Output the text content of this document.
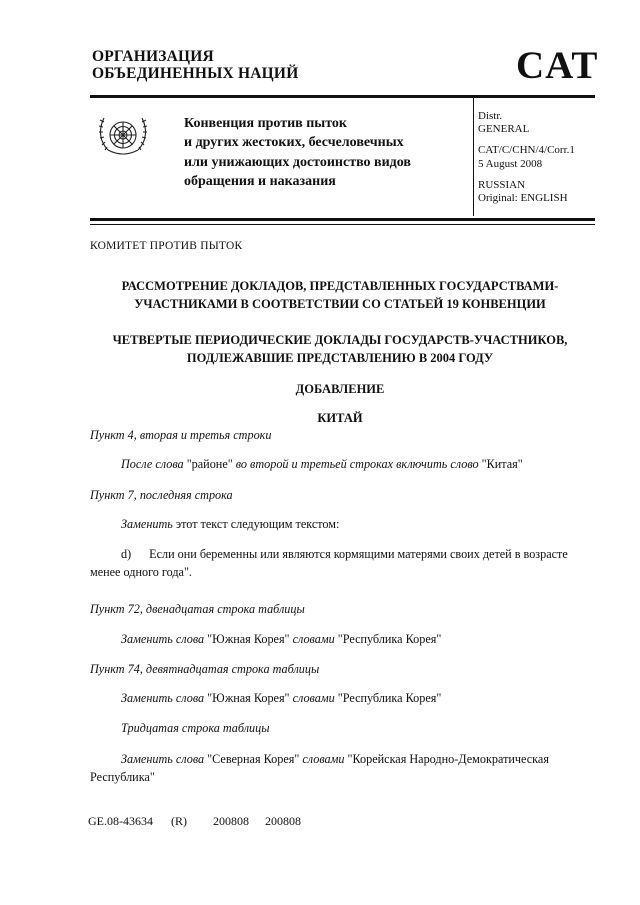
ОРГАНИЗАЦИЯ
ОБЪЕДИНЕННЫХ НАЦИЙ	CAT
Конвенция против пыток
и других жестоких, бесчеловечных
или унижающих достоинство видов
обращения и наказания
Distr.
GENERAL
CAT/C/CHN/4/Corr.1
5 August 2008
RUSSIAN
Original: ENGLISH
КОМИТЕТ ПРОТИВ ПЫТОК
РАССМОТРЕНИЕ ДОКЛАДОВ, ПРЕДСТАВЛЕННЫХ ГОСУДАРСТВАМИ-
УЧАСТНИКАМИ В СООТВЕТСТВИИ СО СТАТЬЕЙ 19 КОНВЕНЦИИ
ЧЕТВЕРТЫЕ ПЕРИОДИЧЕСКИЕ ДОКЛАДЫ ГОСУДАРСТВ-УЧАСТНИКОВ,
ПОДЛЕЖАВШИЕ ПРЕДСТАВЛЕНИЮ В 2004 ГОДУ
ДОБАВЛЕНИЕ
КИТАЙ
Пункт 4, вторая и третья строки
После слова "районе" во второй и третьей строках включить слово "Китая"
Пункт 7, последняя строка
Заменить этот текст следующим текстом:
d) Если они беременны или являются кормящими матерями своих детей в возрасте менее одного года".
Пункт 72, двенадцатая строка таблицы
Заменить слова "Южная Корея" словами "Республика Корея"
Пункт 74, девятнадцатая строка таблицы
Заменить слова "Южная Корея" словами "Республика Корея"
Тридцатая строка таблицы
Заменить слова "Северная Корея" словами "Корейская Народно-Демократическая Республика"
GE.08-43634 (R) 200808 200808
